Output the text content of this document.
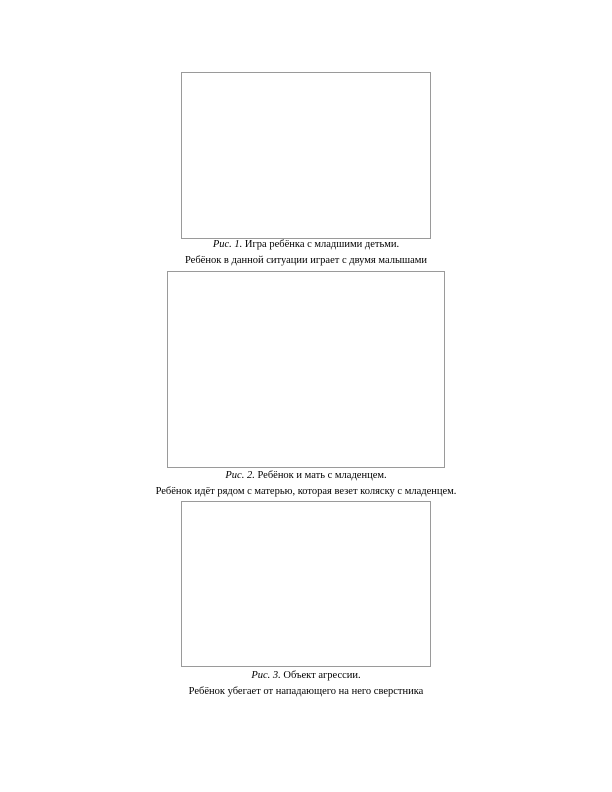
Рис. 1. Игра ребёнка с младшими детьми.
Ребёнок в данной ситуации играет с двумя малышами
Рис. 2. Ребёнок и мать с младенцем.
Ребёнок идёт рядом с матерью, которая везет коляску с младенцем.
Рис. 3. Объект агрессии.
Ребёнок убегает от нападающего на него сверстника
